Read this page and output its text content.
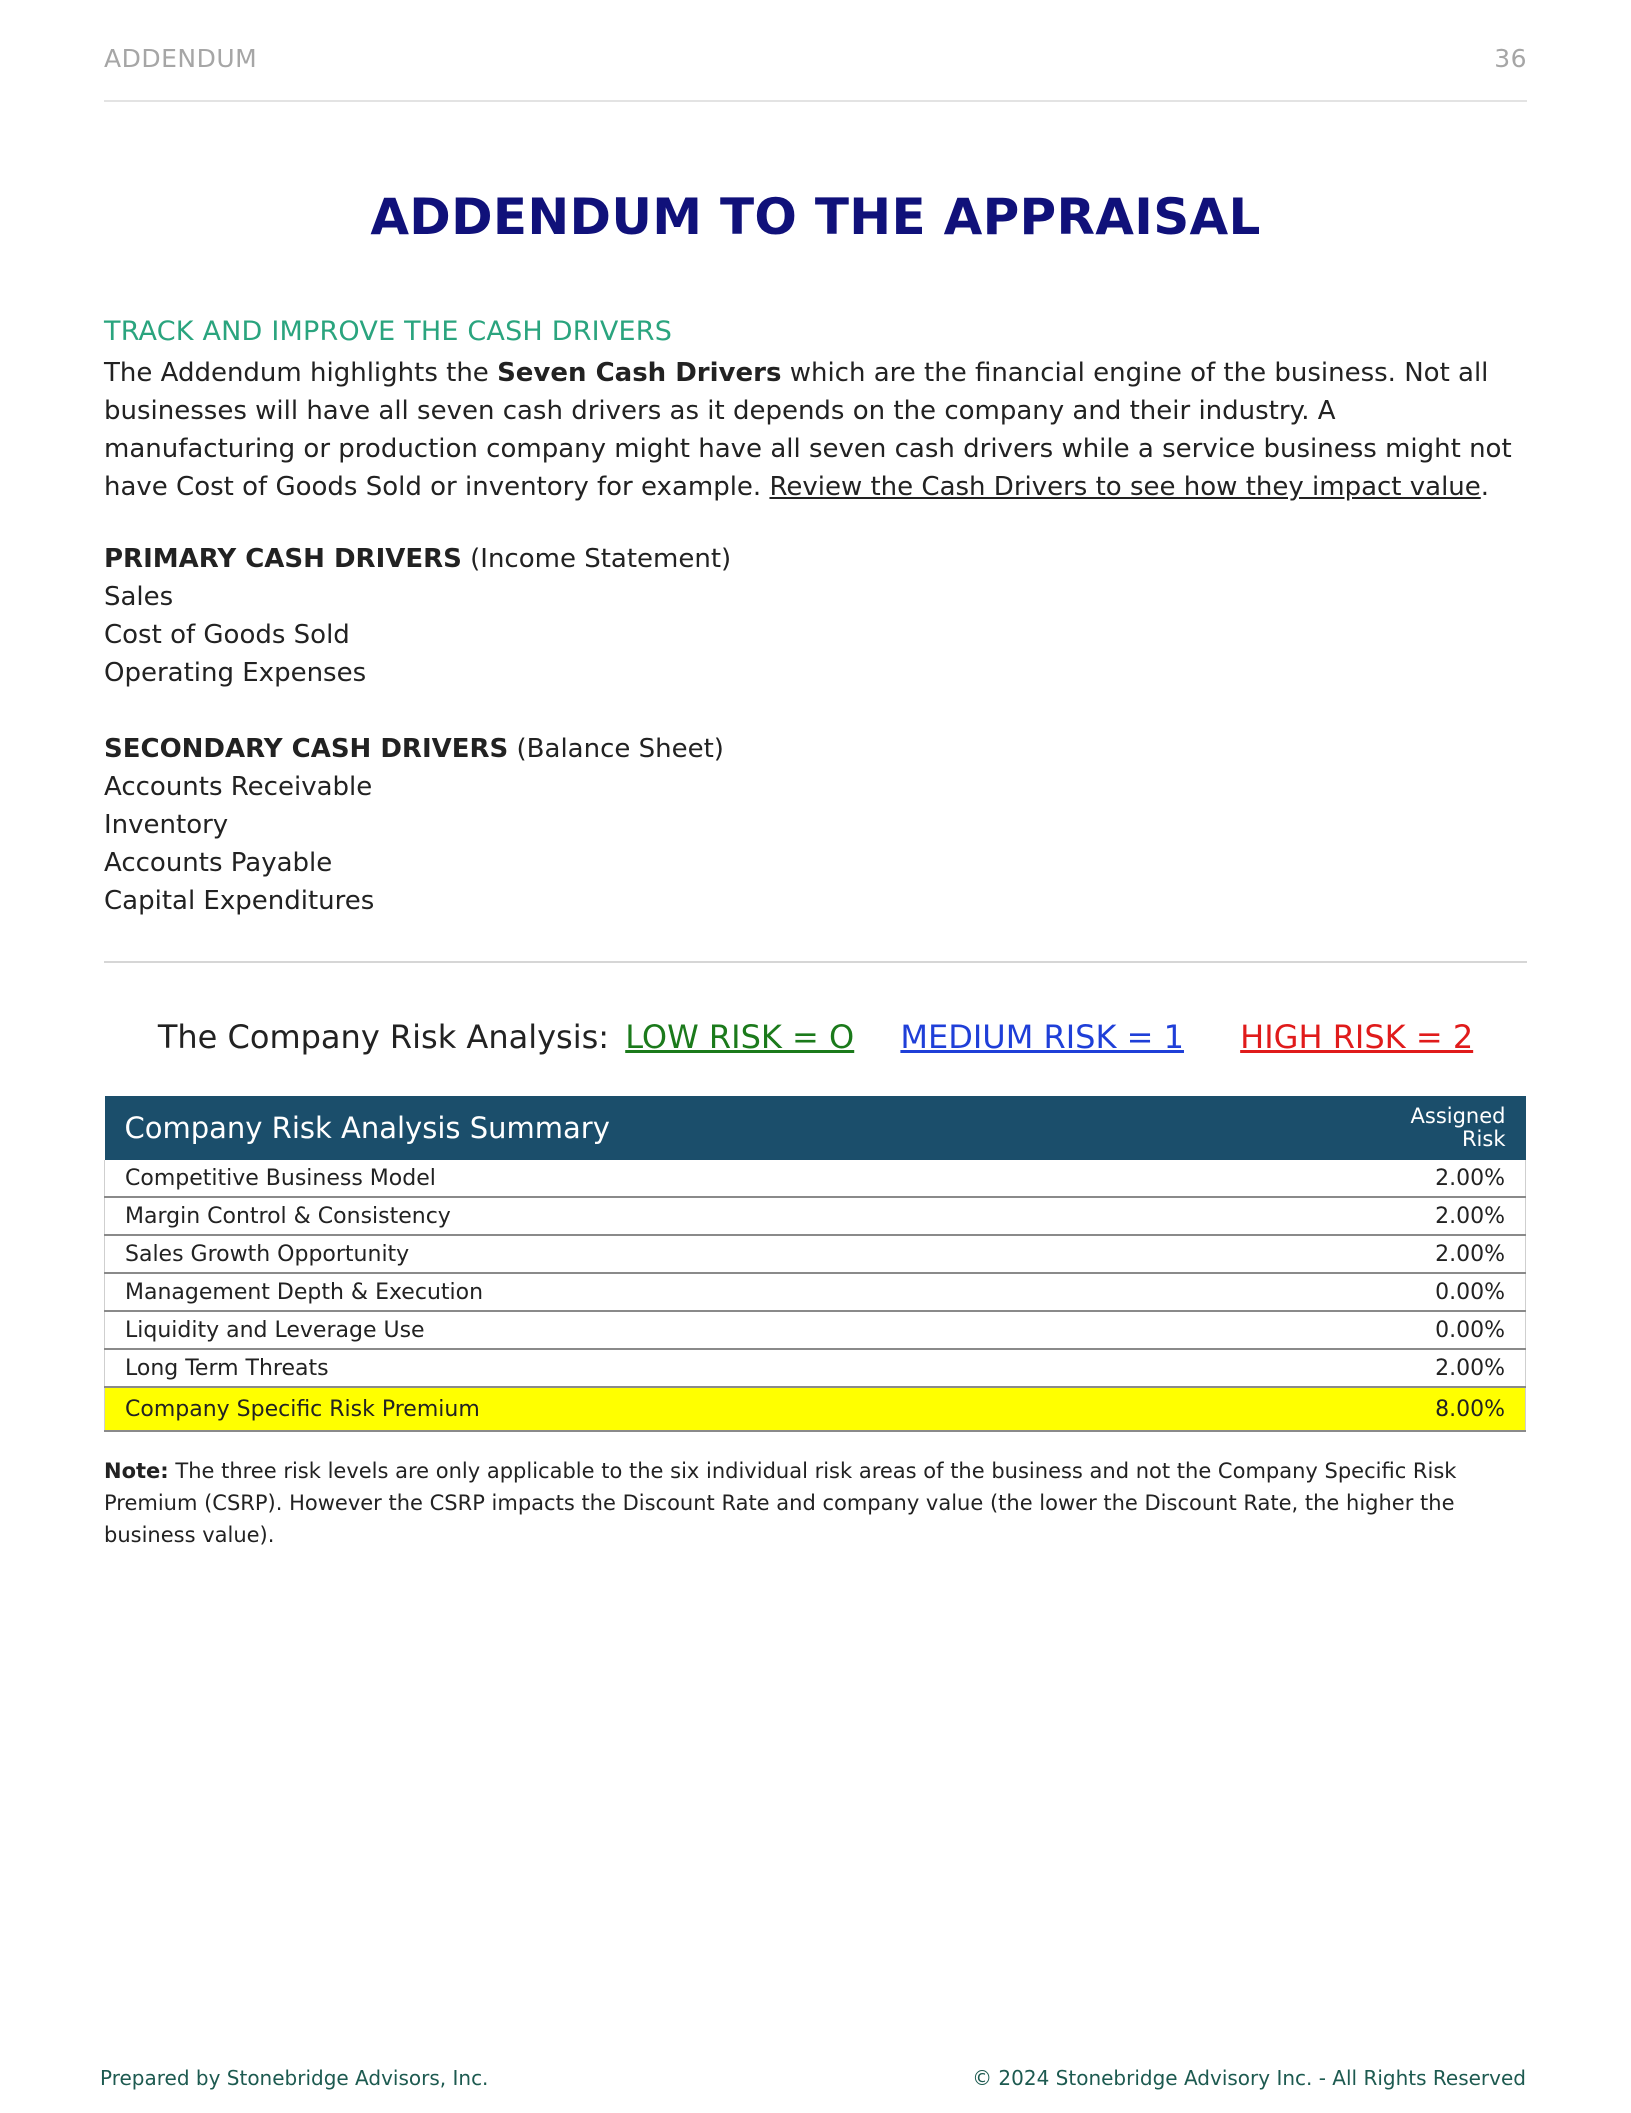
ADDENDUM	36
ADDENDUM TO THE APPRAISAL
TRACK AND IMPROVE THE CASH DRIVERS

The Addendum highlights the Seven Cash Drivers which are the financial engine of the business. Not all businesses will have all seven cash drivers as it depends on the company and their industry. A manufacturing or production company might have all seven cash drivers while a service business might not have Cost of Goods Sold or inventory for example. Review the Cash Drivers to see how they impact value.

PRIMARY CASH DRIVERS (Income Statement)
Sales
Cost of Goods Sold
Operating Expenses
SECONDARY CASH DRIVERS (Balance Sheet)
Accounts Receivable
Inventory
Accounts Payable
Capital Expenditures
The Company Risk Analysis: LOW RISK = O MEDIUM RISK = 1 HIGH RISK = 2
Company Risk Analysis Summary	Assigned
Risk

Competitive Business Model	2.00%
Margin Control & Consistency	2.00%
Sales Growth Opportunity	2.00%
Management Depth & Execution	0.00%
Liquidity and Leverage Use	0.00%
Long Term Threats	2.00%
Company Specific Risk Premium	8.00%

Note: The three risk levels are only applicable to the six individual risk areas of the business and not the Company Specific Risk Premium (CSRP). However the CSRP impacts the Discount Rate and company value (the lower the Discount Rate, the higher the business value).

Prepared by Stonebridge Advisors, Inc.	© 2024 Stonebridge Advisory Inc. - All Rights Reserved
